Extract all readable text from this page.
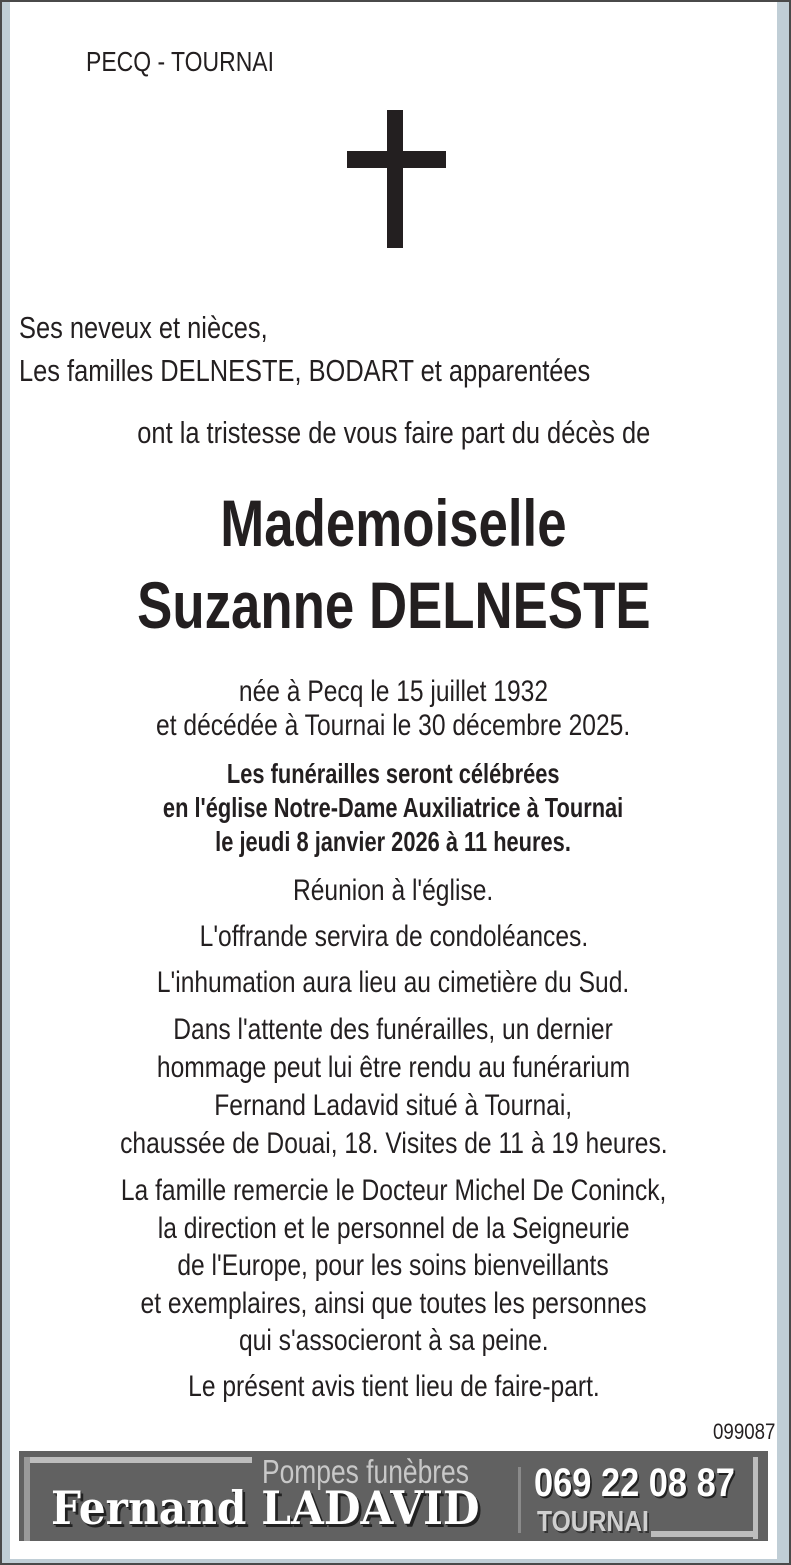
PECQ - TOURNAI
Ses neveux et nièces,
Les familles DELNESTE, BODART et apparentées
ont la tristesse de vous faire part du décès de
Mademoiselle
Suzanne DELNESTE
née à Pecq le 15 juillet 1932
et décédée à Tournai le 30 décembre 2025.
Les funérailles seront célébrées
en l'église Notre-Dame Auxiliatrice à Tournai
le jeudi 8 janvier 2026 à 11 heures.
Réunion à l'église.
L'offrande servira de condoléances.
L'inhumation aura lieu au cimetière du Sud.
Dans l'attente des funérailles, un dernier
hommage peut lui être rendu au funérarium
Fernand Ladavid situé à Tournai,
chaussée de Douai, 18. Visites de 11 à 19 heures.
La famille remercie le Docteur Michel De Coninck,
la direction et le personnel de la Seigneurie
de l'Europe, pour les soins bienveillants
et exemplaires, ainsi que toutes les personnes
qui s'associeront à sa peine.
Le présent avis tient lieu de faire-part.
099087
Pompes funèbres
Fernand LADAVID	069 22 08 87
TOURNAI
